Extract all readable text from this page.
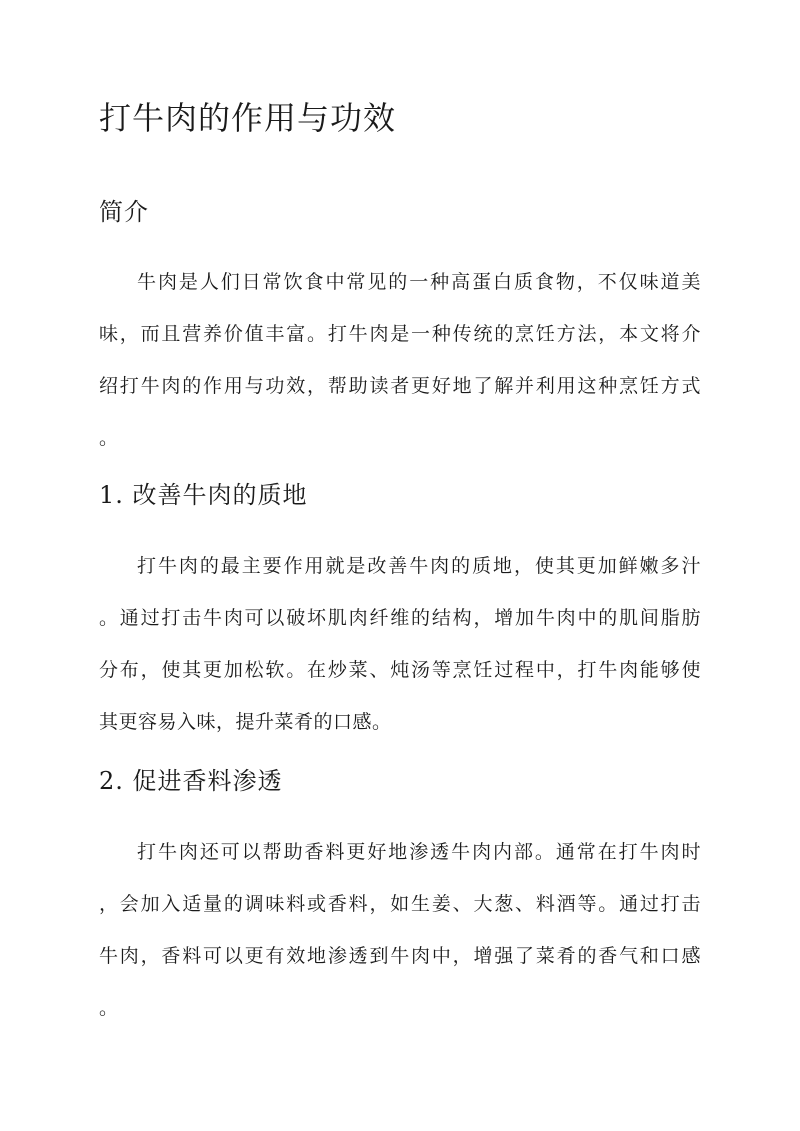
打牛肉的作用与功效
简介
牛肉是人们日常饮食中常见的一种高蛋白质食物，不仅味道美
味，而且营养价值丰富。打牛肉是一种传统的烹饪方法，本文将介
绍打牛肉的作用与功效，帮助读者更好地了解并利用这种烹饪方式
。
1. 改善牛肉的质地
打牛肉的最主要作用就是改善牛肉的质地，使其更加鲜嫩多汁
。通过打击牛肉可以破坏肌肉纤维的结构，增加牛肉中的肌间脂肪
分布，使其更加松软。在炒菜、炖汤等烹饪过程中，打牛肉能够使
其更容易入味，提升菜肴的口感。
2. 促进香料渗透
打牛肉还可以帮助香料更好地渗透牛肉内部。通常在打牛肉时
，会加入适量的调味料或香料，如生姜、大葱、料酒等。通过打击
牛肉，香料可以更有效地渗透到牛肉中，增强了菜肴的香气和口感
。
